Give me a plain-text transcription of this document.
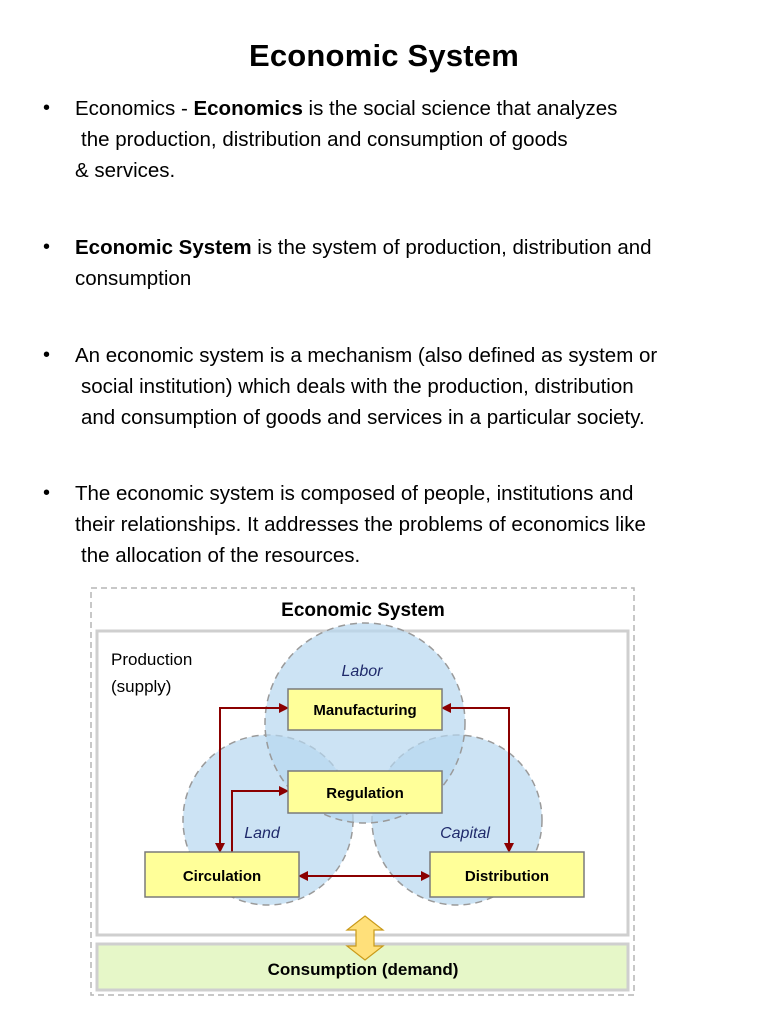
Economic System
• Economics - Economics is the social science that analyzes
the production, distribution and consumption of goods
& services.
• Economic System is the system of production, distribution and
consumption
• An economic system is a mechanism (also defined as system or
social institution) which deals with the production, distribution
and consumption of goods and services in a particular society.
• The economic system is composed of people, institutions and
their relationships. It addresses the problems of economics like
the allocation of the resources.
Economic System
Production
(supply)
Labor
Land	Capital
Manufacturing
Regulation
Circulation	Distribution
Consumption (demand)
